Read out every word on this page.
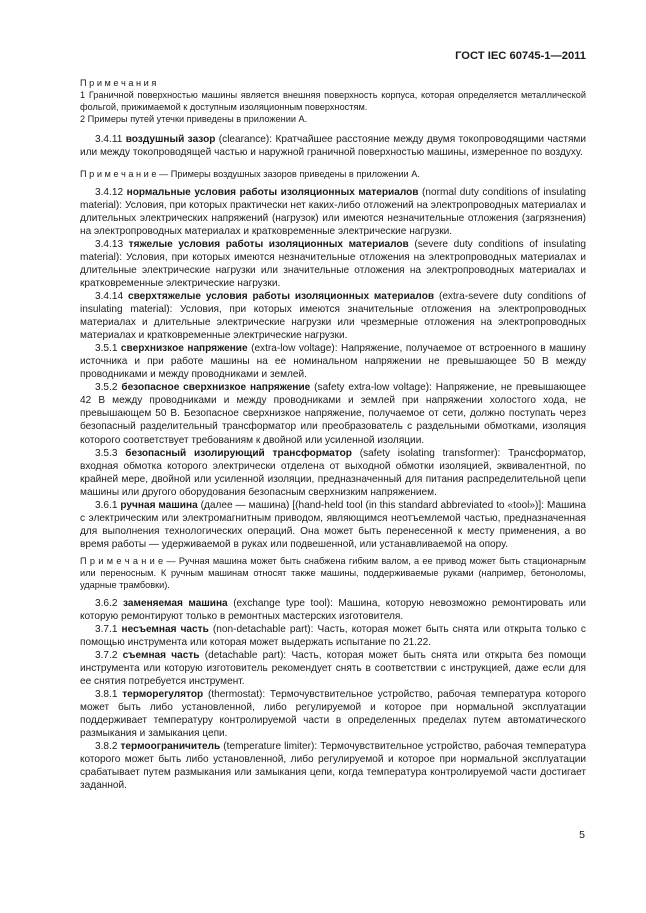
ГОСТ IEC 60745-1—2011

П р и м е ч а н и я

1 Граничной поверхностью машины является внешняя поверхность корпуса, которая определяется металлической фольгой, прижимаемой к доступным изоляционным поверхностям.

2 Примеры путей утечки приведены в приложении А.

3.4.11 воздушный зазор (clearance): Кратчайшее расстояние между двумя токопроводящими частями или между токопроводящей частью и наружной граничной поверхностью машины, измеренное по воздуху.

П р и м е ч а н и е — Примеры воздушных зазоров приведены в приложении А.

3.4.12 нормальные условия работы изоляционных материалов (normal duty conditions of insulating material): Условия, при которых практически нет каких-либо отложений на электропроводных материалах и длительных электрических напряжений (нагрузок) или имеются незначительные отложения (загрязнения) на электропроводных материалах и кратковременные электрические нагрузки.

3.4.13 тяжелые условия работы изоляционных материалов (severe duty conditions of insulating material): Условия, при которых имеются незначительные отложения на электропроводных материалах и длительные электрические нагрузки или значительные отложения на электропроводных материалах и кратковременные электрические нагрузки.

3.4.14 сверхтяжелые условия работы изоляционных материалов (extra-severe duty conditions of insulating material): Условия, при которых имеются значительные отложения на электропроводных материалах и длительные электрические нагрузки или чрезмерные отложения на электропроводных материалах и кратковременные электрические нагрузки.

3.5.1 сверхнизкое напряжение (extra-low voltage): Напряжение, получаемое от встроенного в машину источника и при работе машины на ее номинальном напряжении не превышающее 50 В между проводниками и между проводниками и землей.

3.5.2 безопасное сверхнизкое напряжение (safety extra-low voltage): Напряжение, не превышающее 42 В между проводниками и между проводниками и землей при напряжении холостого хода, не превышающем 50 В. Безопасное сверхнизкое напряжение, получаемое от сети, должно поступать через безопасный разделительный трансформатор или преобразователь с раздельными обмотками, изоляция которого соответствует требованиям к двойной или усиленной изоляции.

3.5.3 безопасный изолирующий трансформатор (safety isolating transformer): Трансформатор, входная обмотка которого электрически отделена от выходной обмотки изоляцией, эквивалентной, по крайней мере, двойной или усиленной изоляции, предназначенный для питания распределительной цепи машины или другого оборудования безопасным сверхнизким напряжением.

3.6.1 ручная машина (далее — машина) [(hand-held tool (in this standard abbreviated to «tool»)]: Машина с электрическим или электромагнитным приводом, являющимся неотъемлемой частью, предназначенная для выполнения технологических операций. Она может быть перенесенной к месту применения, а во время работы — удерживаемой в руках или подвешенной, или устанавливаемой на опору.

П р и м е ч а н и е — Ручная машина может быть снабжена гибким валом, а ее привод может быть стационарным или переносным. К ручным машинам относят также машины, поддерживаемые руками (например, бетоноломы, ударные трамбовки).

3.6.2 заменяемая машина (exchange type tool): Машина, которую невозможно ремонтировать или которую ремонтируют только в ремонтных мастерских изготовителя.

3.7.1 несъемная часть (non-detachable part): Часть, которая может быть снята или открыта только с помощью инструмента или которая может выдержать испытание по 21.22.

3.7.2 съемная часть (detachable part): Часть, которая может быть снята или открыта без помощи инструмента или которую изготовитель рекомендует снять в соответствии с инструкцией, даже если для ее снятия потребуется инструмент.

3.8.1 терморегулятор (thermostat): Термочувствительное устройство, рабочая температура которого может быть либо установленной, либо регулируемой и которое при нормальной эксплуатации поддерживает температуру контролируемой части в определенных пределах путем автоматического размыкания и замыкания цепи.

3.8.2 термоограничитель (temperature limiter): Термочувствительное устройство, рабочая температура которого может быть либо установленной, либо регулируемой и которое при нормальной эксплуатации срабатывает путем размыкания или замыкания цепи, когда температура контролируемой части достигает заданной.

5
